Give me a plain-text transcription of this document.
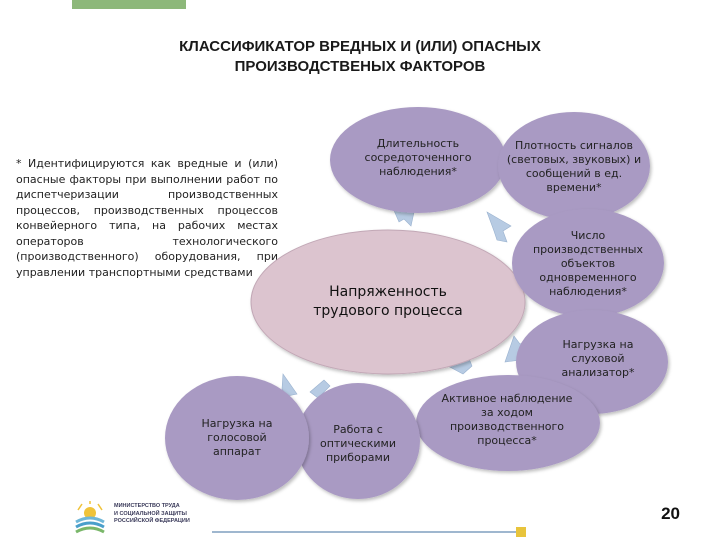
КЛАССИФИКАТОР ВРЕДНЫХ И (ИЛИ) ОПАСНЫХ
ПРОИЗВОДСТВЕНЫХ ФАКТОРОВ
* Идентифицируются как вредные и (или) опасные факторы при выполнении работ по диспетчеризации производственных процессов, производственных процессов конвейерного типа, на рабочих местах операторов технологического (производственного) оборудования, при управлении транспортными средствами
Напряженность трудового процесса
Длительность сосредоточенного наблюдения*
Плотность сигналов (световых, звуковых) и сообщений в ед. времени*
Число производственных объектов одновременного наблюдения*
Нагрузка на слуховой анализатор*
Активное наблюдение за ходом производственного процесса*
Работа с оптическими приборами
Нагрузка на голосовой аппарат
МИНИСТЕРСТВО ТРУДА
И СОЦИАЛЬНОЙ ЗАЩИТЫ
РОССИЙСКОЙ ФЕДЕРАЦИИ	20
